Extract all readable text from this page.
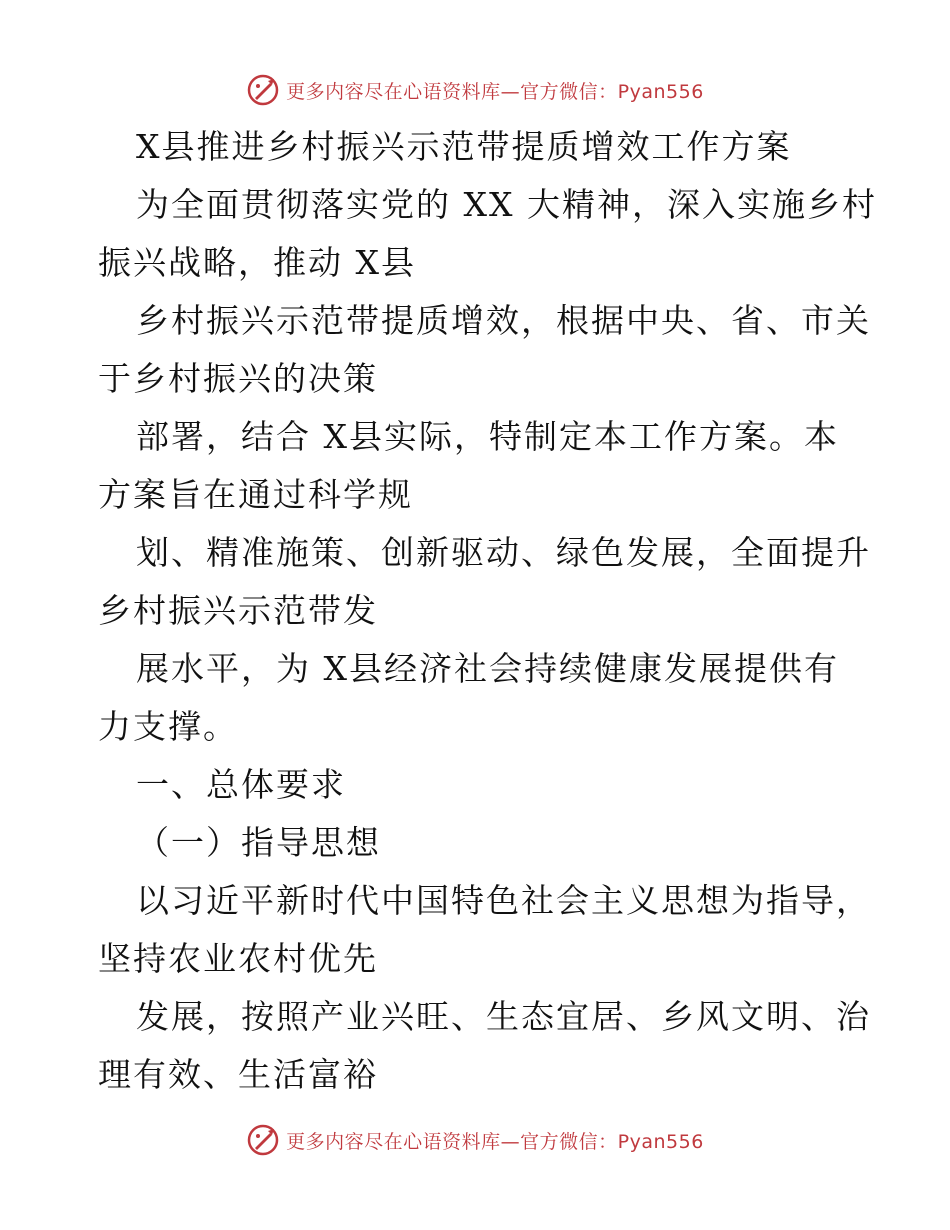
更多内容尽在心语资料库—官方微信：Pyan556
X县推进乡村振兴示范带提质增效工作方案
为全面贯彻落实党的 XX 大精神，深入实施乡村
振兴战略，推动 X县
乡村振兴示范带提质增效，根据中央、省、市关
于乡村振兴的决策
部署，结合 X县实际，特制定本工作方案。本
方案旨在通过科学规
划、精准施策、创新驱动、绿色发展，全面提升
乡村振兴示范带发
展水平，为 X县经济社会持续健康发展提供有
力支撑。
一、总体要求
（一）指导思想
以习近平新时代中国特色社会主义思想为指导，
坚持农业农村优先
发展，按照产业兴旺、生态宜居、乡风文明、治
理有效、生活富裕
更多内容尽在心语资料库—官方微信：Pyan556
